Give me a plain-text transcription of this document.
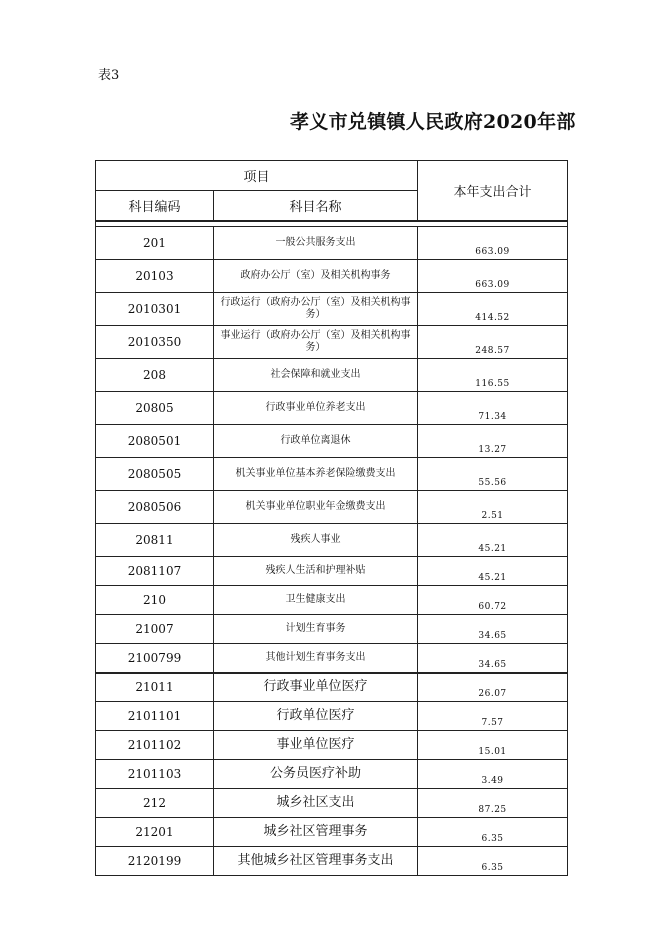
表3
孝义市兑镇镇人民政府2020年部
项目		本年支出合计
科目编码	科目名称	

201	一般公共服务支出	663.09
20103	政府办公厅（室）及相关机构事务	663.09
2010301	行政运行（政府办公厅（室）及相关机构事务）	414.52
2010350	事业运行（政府办公厅（室）及相关机构事务）	248.57
208	社会保障和就业支出	116.55
20805	行政事业单位养老支出	71.34
2080501	行政单位离退休	13.27
2080505	机关事业单位基本养老保险缴费支出	55.56
2080506	机关事业单位职业年金缴费支出	2.51
20811	残疾人事业	45.21
2081107	残疾人生活和护理补贴	45.21
210	卫生健康支出	60.72
21007	计划生育事务	34.65
2100799	其他计划生育事务支出	34.65
21011	行政事业单位医疗	26.07
2101101	行政单位医疗	7.57
2101102	事业单位医疗	15.01
2101103	公务员医疗补助	3.49
212	城乡社区支出	87.25
21201	城乡社区管理事务	6.35
2120199	其他城乡社区管理事务支出	6.35
